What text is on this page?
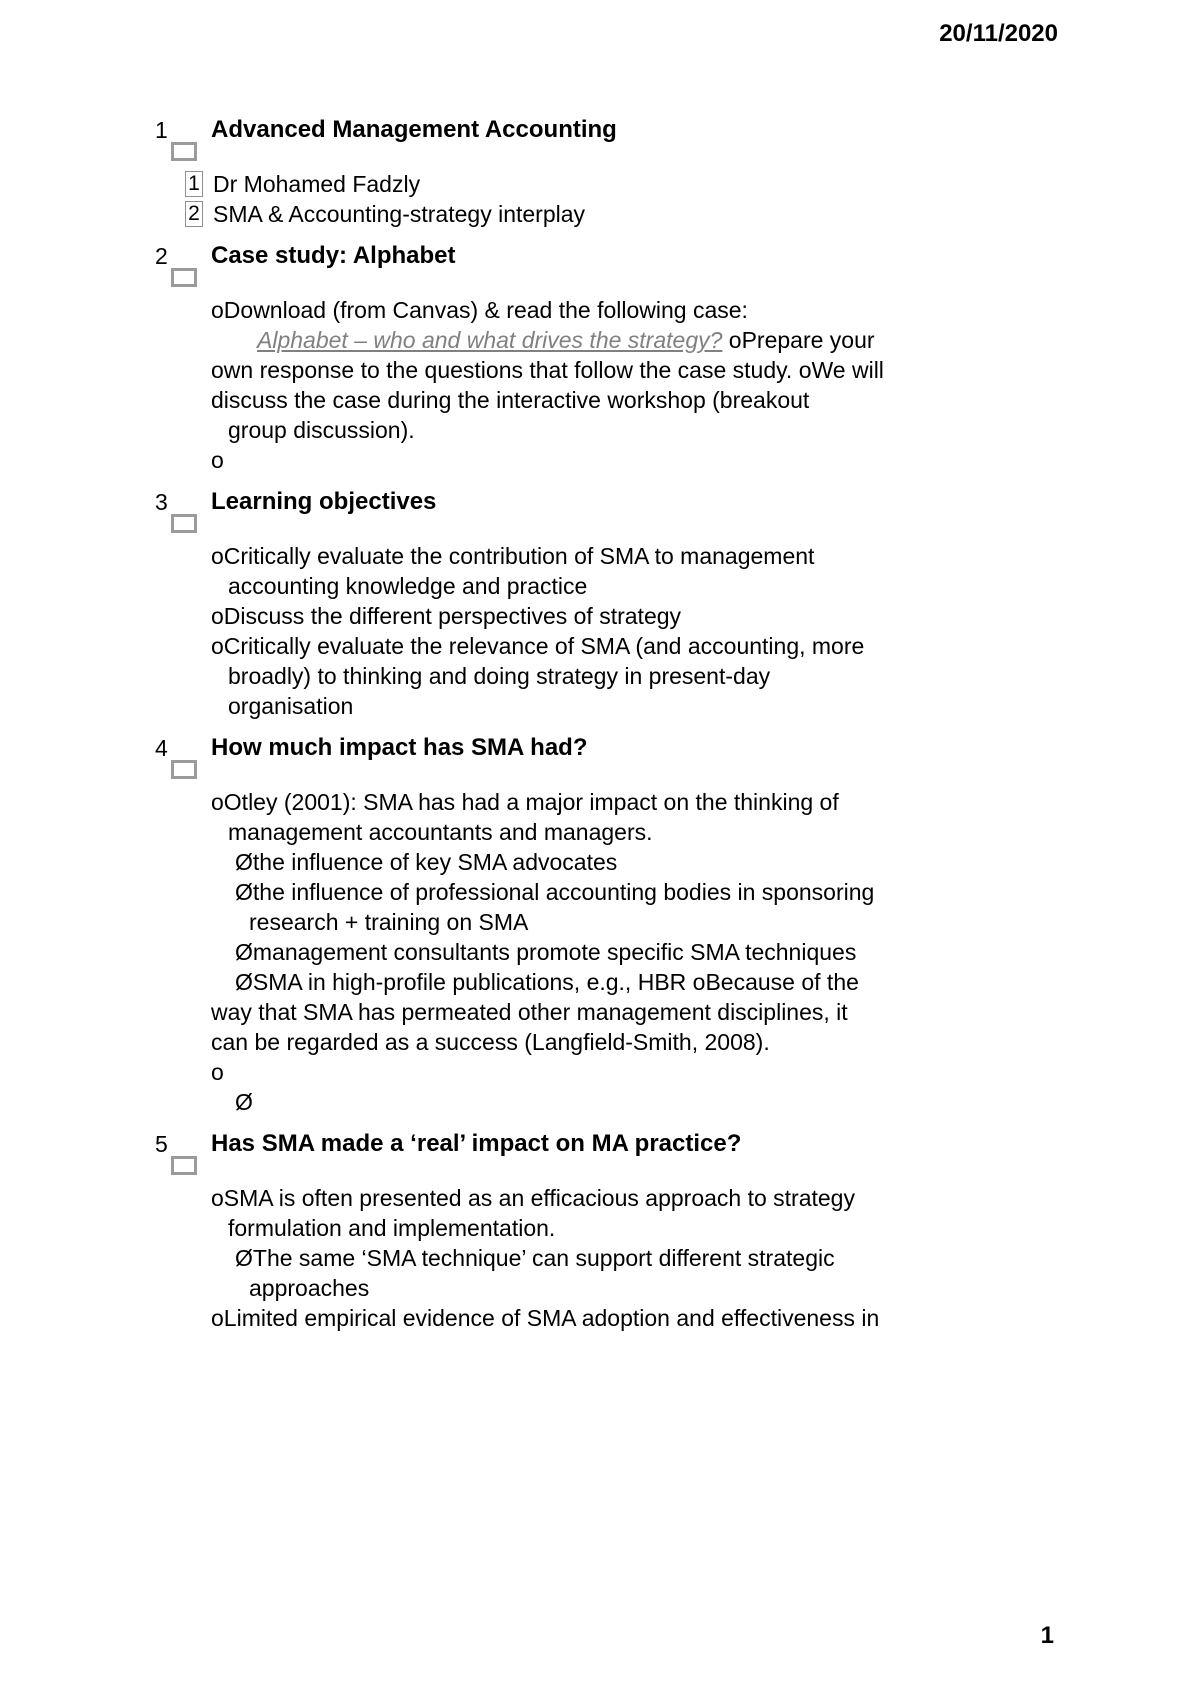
20/11/2020
1	Advanced Management Accounting
1 Dr Mohamed Fadzly
2 SMA & Accounting-strategy interplay
2	Case study: Alphabet
oDownload (from Canvas) & read the following case:
Alphabet – who and what drives the strategy? oPrepare your
own response to the questions that follow the case study. oWe will
discuss the case during the interactive workshop (breakout
group discussion).
o
3	Learning objectives
oCritically evaluate the contribution of SMA to management
accounting knowledge and practice
oDiscuss the different perspectives of strategy
oCritically evaluate the relevance of SMA (and accounting, more
broadly) to thinking and doing strategy in present-day
organisation
4	How much impact has SMA had?
oOtley (2001): SMA has had a major impact on the thinking of
management accountants and managers.
Øthe influence of key SMA advocates
Øthe influence of professional accounting bodies in sponsoring
research + training on SMA
Ømanagement consultants promote specific SMA techniques
ØSMA in high-profile publications, e.g., HBR oBecause of the
way that SMA has permeated other management disciplines, it
can be regarded as a success (Langfield-Smith, 2008).
o
Ø
5	Has SMA made a ‘real’ impact on MA practice?
oSMA is often presented as an efficacious approach to strategy
formulation and implementation.
ØThe same ‘SMA technique’ can support different strategic
approaches
oLimited empirical evidence of SMA adoption and effectiveness in
1
